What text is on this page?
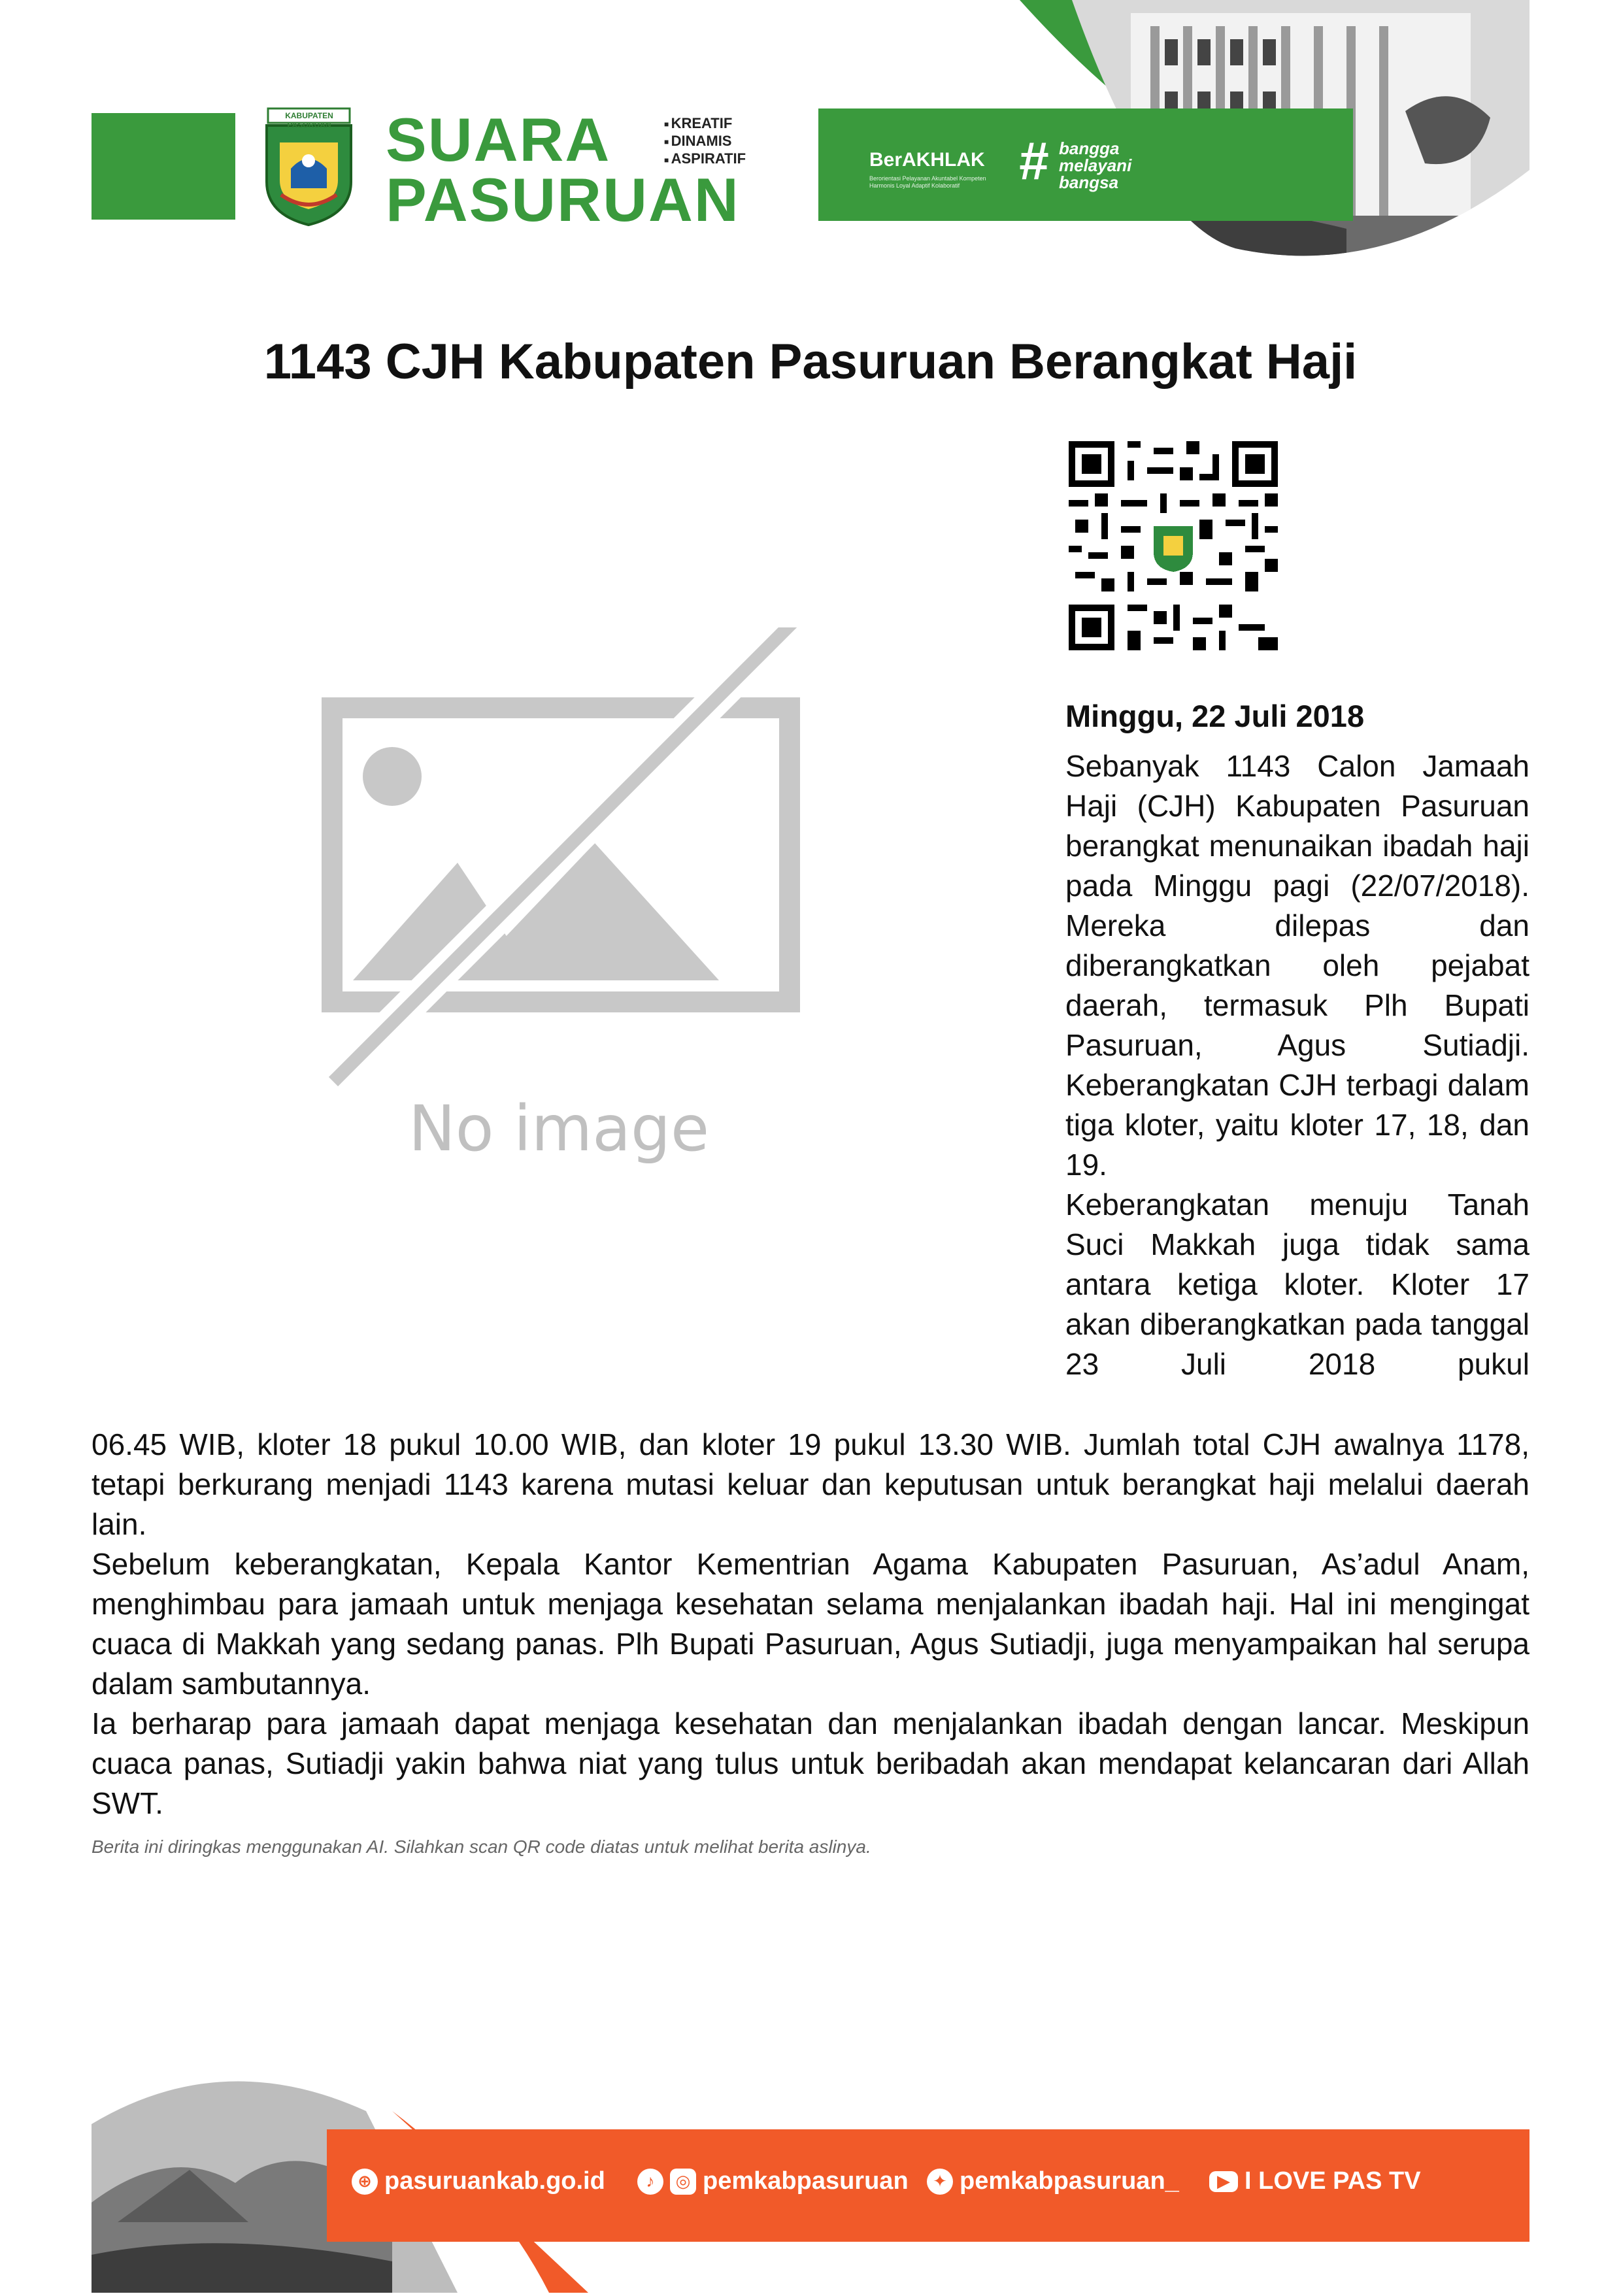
KABUPATEN PASURUAN SUARA
PASURUAN
■ KREATIF
■ DINAMIS
■ ASPIRATIF	BerAKHLAK
Berorientasi Pelayanan Akuntabel Kompeten Harmonis Loyal Adaptif Kolaboratif	# bangga
melayani
bangsa
1143 CJH Kabupaten Pasuruan Berangkat Haji
No image
Minggu, 22 Juli 2018

Sebanyak 1143 Calon Jamaah Haji (CJH) Kabupaten Pasuruan berangkat menunaikan ibadah haji pada Minggu pagi (22/07/2018). Mereka dilepas dan diberangkatkan oleh pejabat daerah, termasuk Plh Bupati Pasuruan, Agus Sutiadji. Keberangkatan CJH terbagi dalam tiga kloter, yaitu kloter 17, 18, dan 19.

Keberangkatan menuju Tanah Suci Makkah juga tidak sama antara ketiga kloter. Kloter 17 akan diberangkatkan pada tanggal 23 Juli 2018 pukul

06.45 WIB, kloter 18 pukul 10.00 WIB, dan kloter 19 pukul 13.30 WIB. Jumlah total CJH awalnya 1178, tetapi berkurang menjadi 1143 karena mutasi keluar dan keputusan untuk berangkat haji melalui daerah lain.

Sebelum keberangkatan, Kepala Kantor Kementrian Agama Kabupaten Pasuruan, As’adul Anam, menghimbau para jamaah untuk menjaga kesehatan selama menjalankan ibadah haji. Hal ini mengingat cuaca di Makkah yang sedang panas. Plh Bupati Pasuruan, Agus Sutiadji, juga menyampaikan hal serupa dalam sambutannya.

Ia berharap para jamaah dapat menjaga kesehatan dan menjalankan ibadah dengan lancar. Meskipun cuaca panas, Sutiadji yakin bahwa niat yang tulus untuk beribadah akan mendapat kelancaran dari Allah SWT.

Berita ini diringkas menggunakan AI. Silahkan scan QR code diatas untuk melihat berita aslinya.
⊕ pasuruankab.go.id	♪	◎ pemkabpasuruan	✦ pemkabpasuruan_	▶ I LOVE PAS TV
